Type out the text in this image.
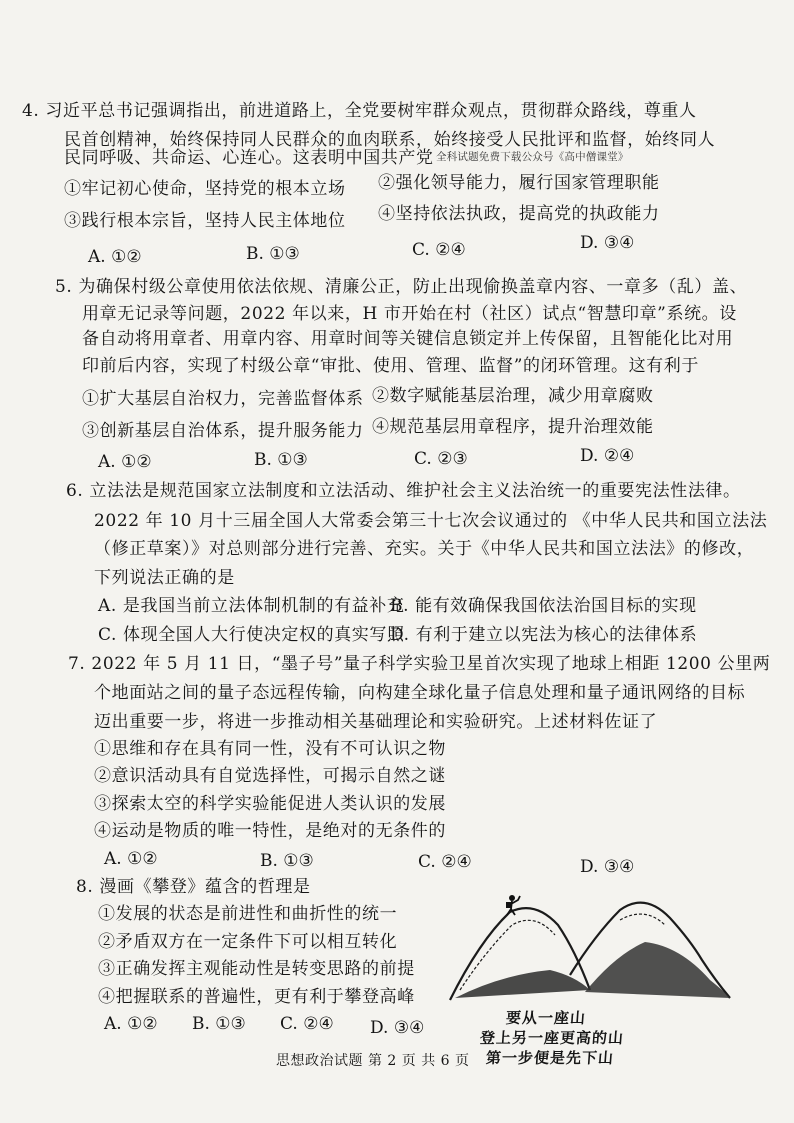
4. 习近平总书记强调指出，前进道路上，全党要树牢群众观点，贯彻群众路线，尊重人
民首创精神，始终保持同人民群众的血肉联系，始终接受人民批评和监督，始终同人
民同呼吸、共命运、心连心。这表明中国共产党 全科试题免费下载公众号《高中僧课堂》
①牢记初心使命，坚持党的根本立场 ②强化领导能力，履行国家管理职能
③践行根本宗旨，坚持人民主体地位 ④坚持依法执政，提高党的执政能力
A. ①②	B. ①③	C. ②④	D. ③④
5. 为确保村级公章使用依法依规、清廉公正，防止出现偷换盖章内容、一章多（乱）盖、
用章无记录等问题，2022 年以来，H 市开始在村（社区）试点“智慧印章”系统。设
备自动将用章者、用章内容、用章时间等关键信息锁定并上传保留，且智能化比对用
印前后内容，实现了村级公章“审批、使用、管理、监督”的闭环管理。这有利于
①扩大基层自治权力，完善监督体系 ②数字赋能基层治理，减少用章腐败
③创新基层自治体系，提升服务能力 ④规范基层用章程序，提升治理效能
A. ①②	B. ①③	C. ②③	D. ②④
6. 立法法是规范国家立法制度和立法活动、维护社会主义法治统一的重要宪法性法律。
2022 年 10 月十三届全国人大常委会第三十七次会议通过的 《中华人民共和国立法法
（修正草案）》对总则部分进行完善、充实。关于《中华人民共和国立法法》的修改，
下列说法正确的是
A. 是我国当前立法体制机制的有益补充
B. 能有效确保我国依法治国目标的实现
C. 体现全国人大行使决定权的真实写照
D. 有利于建立以宪法为核心的法律体系
7. 2022 年 5 月 11 日，“墨子号”量子科学实验卫星首次实现了地球上相距 1200 公里两
个地面站之间的量子态远程传输，向构建全球化量子信息处理和量子通讯网络的目标
迈出重要一步，将进一步推动相关基础理论和实验研究。上述材料佐证了
①思维和存在具有同一性，没有不可认识之物
②意识活动具有自觉选择性，可揭示自然之谜
③探索太空的科学实验能促进人类认识的发展
④运动是物质的唯一特性，是绝对的无条件的
A. ①②	B. ①③	C. ②④	D. ③④
8. 漫画《攀登》蕴含的哲理是
①发展的状态是前进性和曲折性的统一
②矛盾双方在一定条件下可以相互转化
③正确发挥主观能动性是转变思路的前提
④把握联系的普遍性，更有利于攀登高峰
A. ①② B. ①③ C. ②④ D. ③④	要从一座山
登上另一座更高的山
第一步便是先下山
思想政治试题 第 2 页 共 6 页
